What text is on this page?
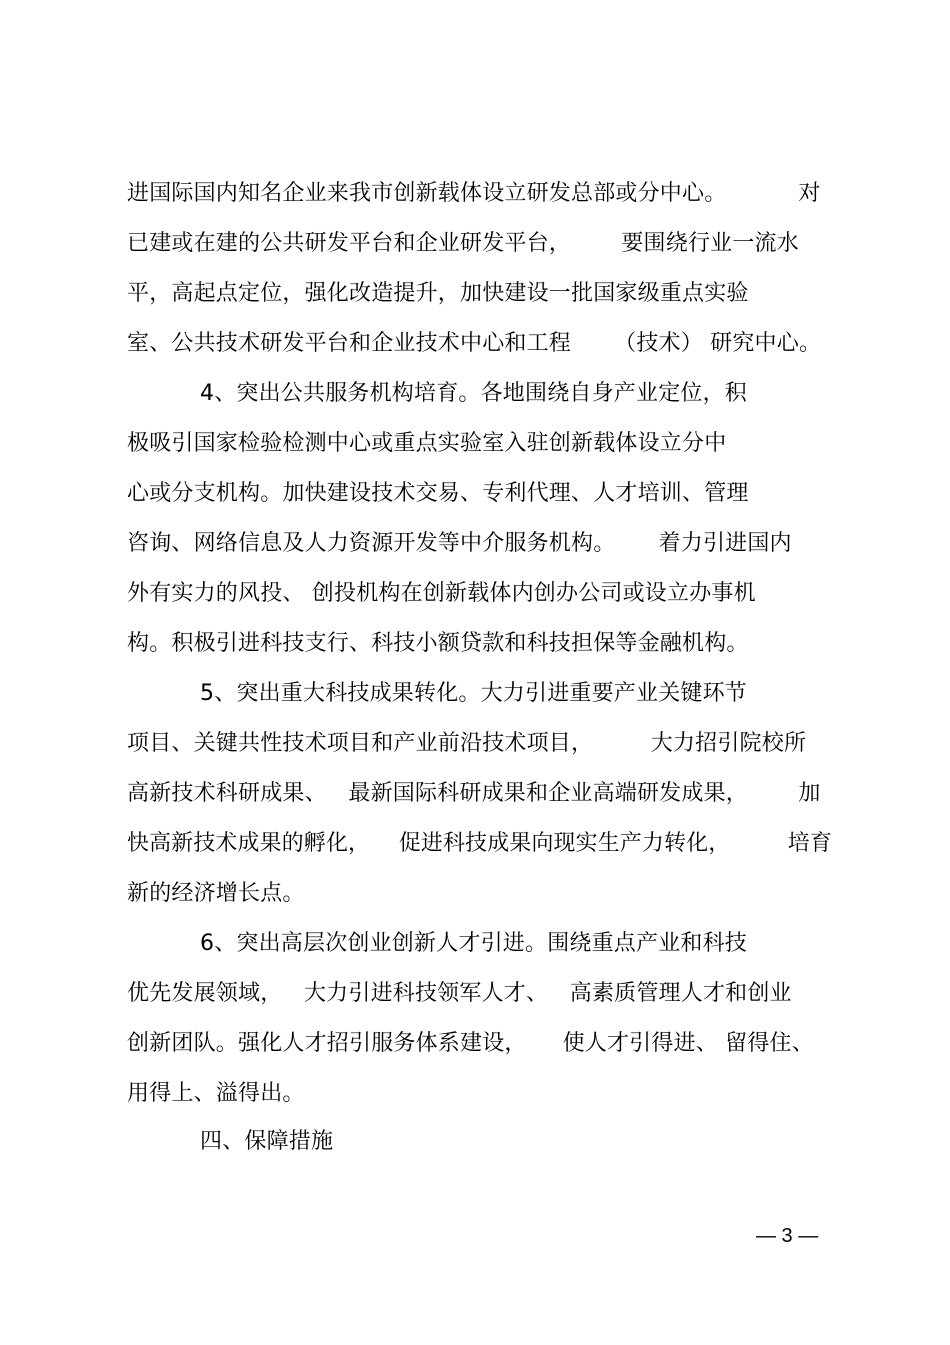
进国际国内知名企业来我市创新载体设立研发总部或分中心。          对
已建或在建的公共研发平台和企业研发平台，       要围绕行业一流水
平，高起点定位，强化改造提升，加快建设一批国家级重点实验
室、公共技术研发平台和企业技术中心和工程      （技术） 研究中心。
4、突出公共服务机构培育。各地围绕自身产业定位，积
极吸引国家检验检测中心或重点实验室入驻创新载体设立分中
心或分支机构。加快建设技术交易、专利代理、人才培训、管理
咨询、网络信息及人力资源开发等中介服务机构。      着力引进国内
外有实力的风投、 创投机构在创新载体内创办公司或设立办事机
构。积极引进科技支行、科技小额贷款和科技担保等金融机构。
5、突出重大科技成果转化。大力引进重要产业关键环节
项目、关键共性技术项目和产业前沿技术项目，        大力招引院校所
高新技术科研成果、   最新国际科研成果和企业高端研发成果，       加
快高新技术成果的孵化，    促进科技成果向现实生产力转化，        培育
新的经济增长点。
6、突出高层次创业创新人才引进。围绕重点产业和科技
优先发展领域，   大力引进科技领军人才、   高素质管理人才和创业
创新团队。强化人才招引服务体系建设，     使人才引得进、 留得住、
用得上、溢得出。
四、保障措施
— 3 —
